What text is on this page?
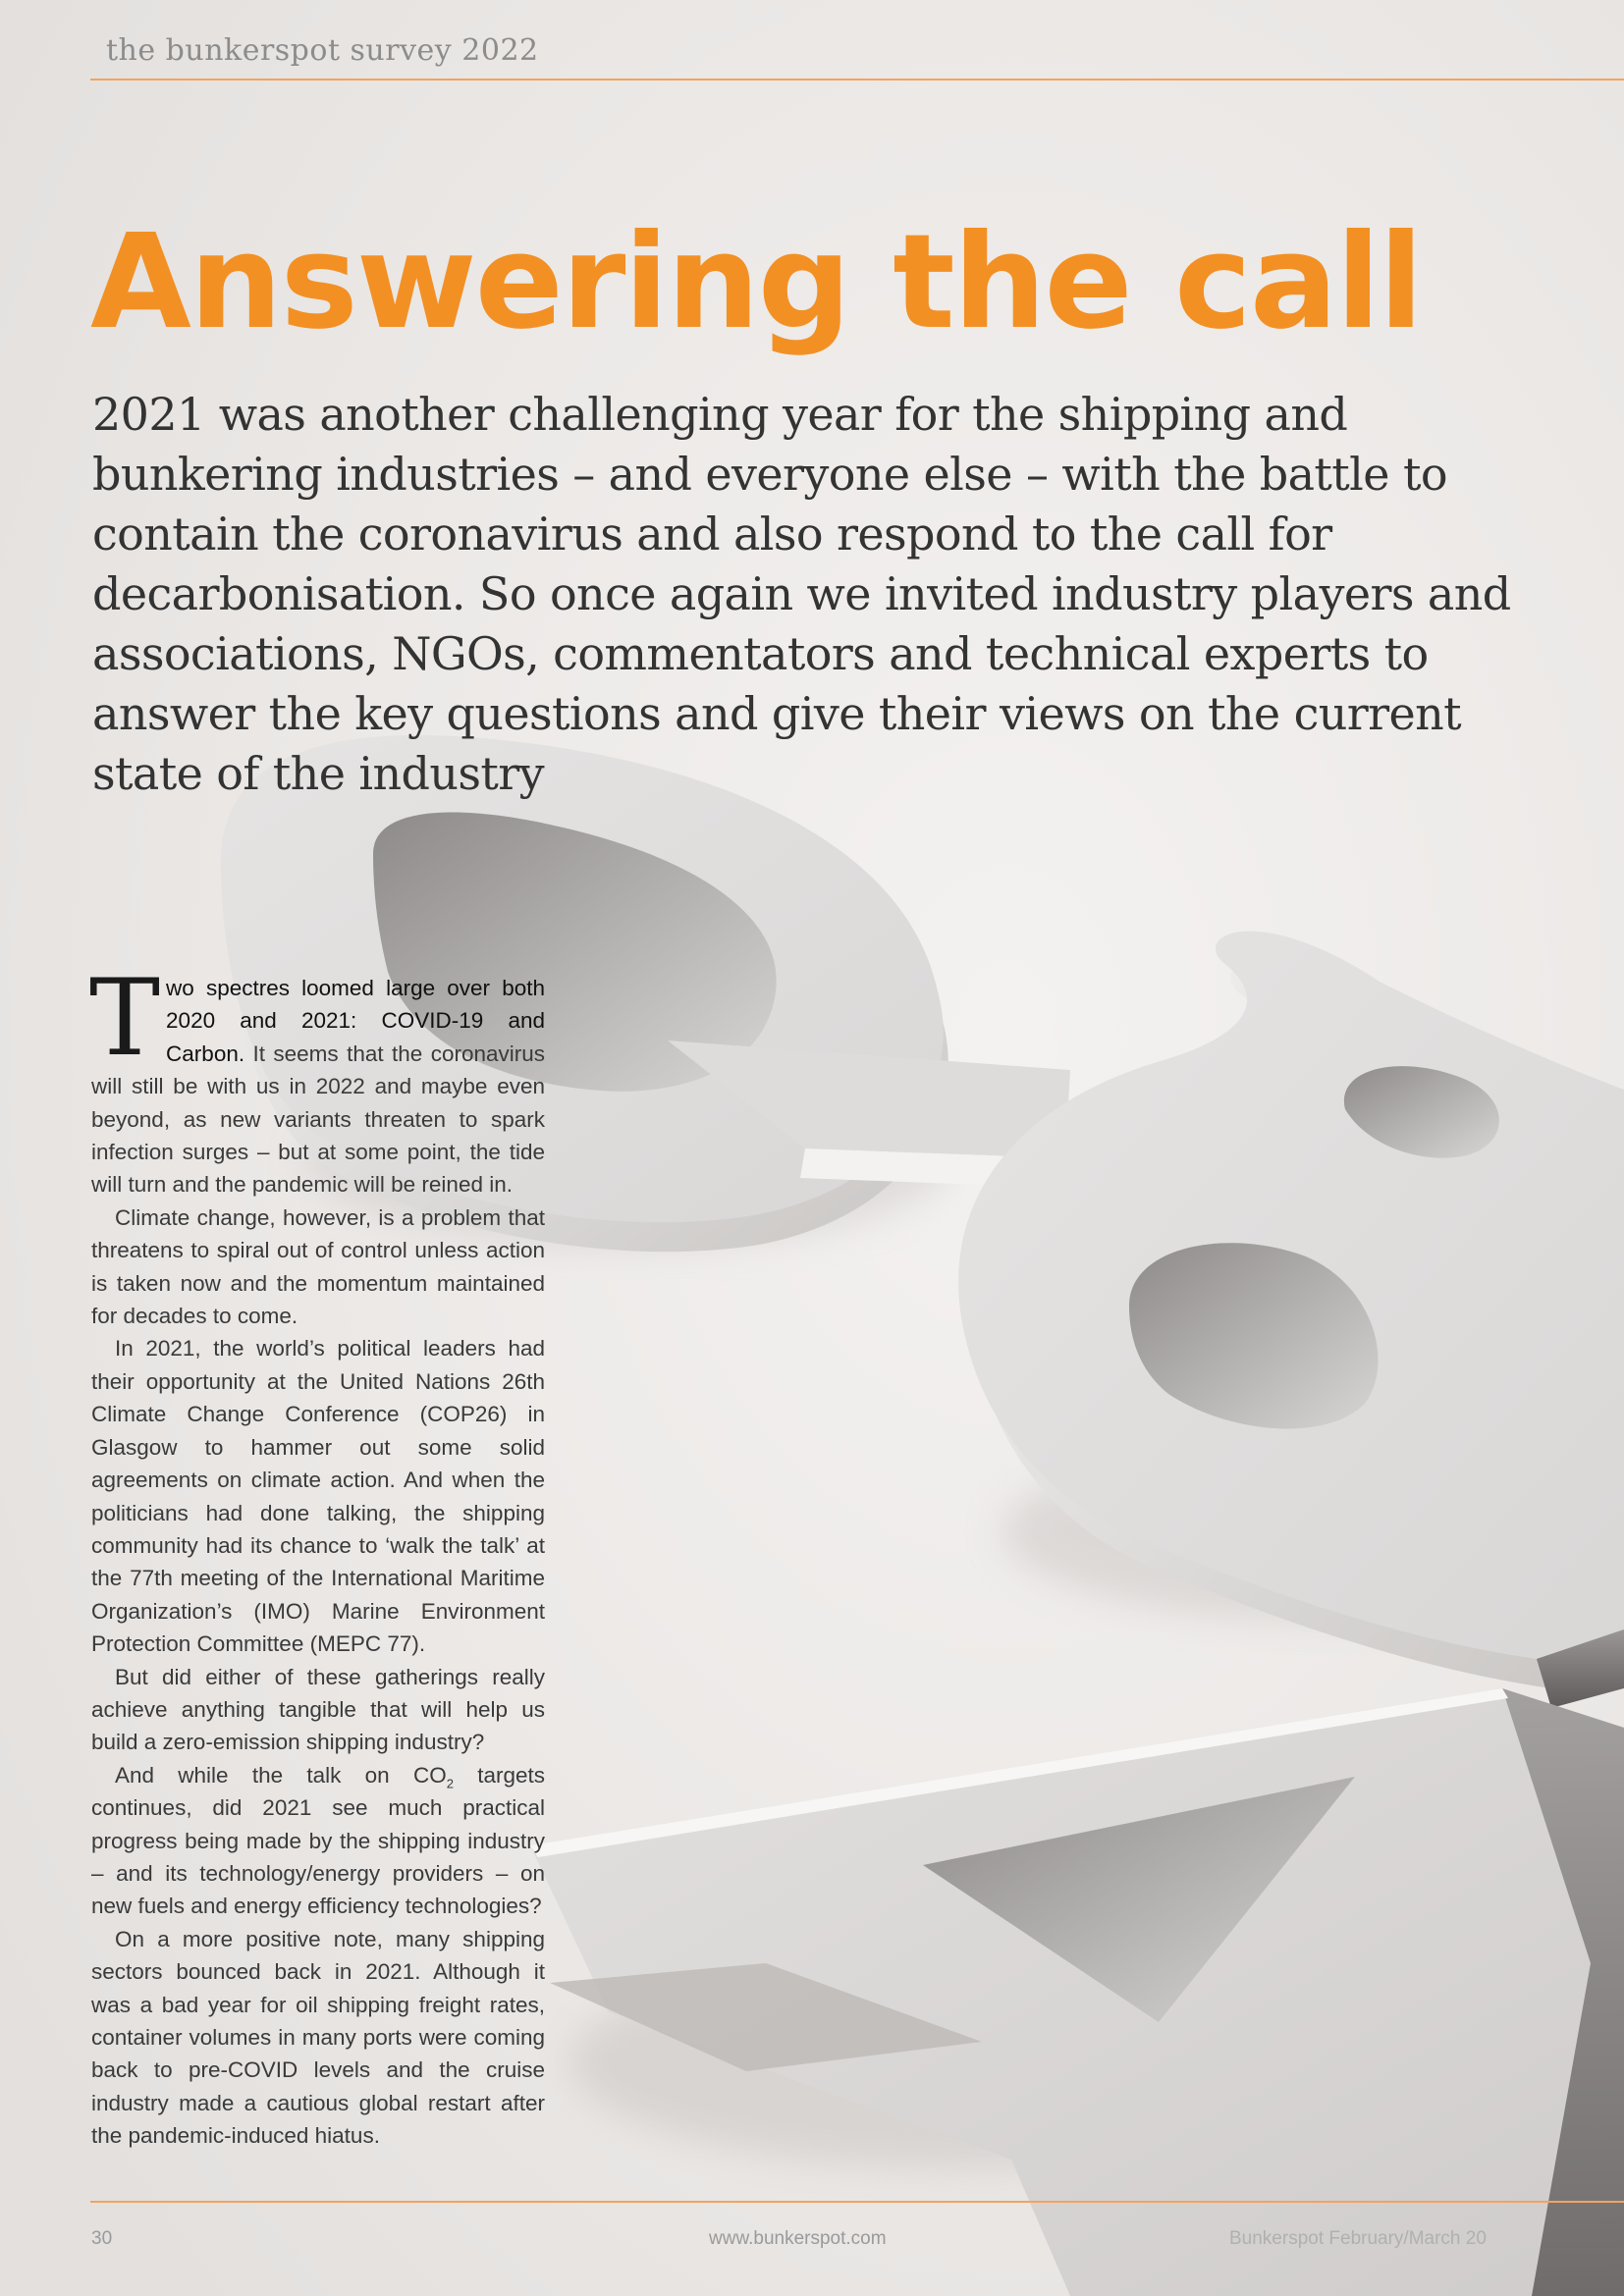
the bunkerspot survey 2022
Answering the call

2021 was another challenging year for the shipping and bunkering industries – and everyone else – with the battle to contain the coronavirus and also respond to the call for decarbonisation. So once again we invited industry players and associations, NGOs, commentators and technical experts to answer the key questions and give their views on the current state of the industry

Two spectres loomed large over both 2020 and 2021: COVID-19 and Carbon. It seems that the coronavirus will still be with us in 2022 and maybe even beyond, as new variants threaten to spark infection surges – but at some point, the tide will turn and the pandemic will be reined in.

Climate change, however, is a problem that threatens to spiral out of control unless action is taken now and the momentum maintained for decades to come.

In 2021, the world’s political leaders had their opportunity at the United Nations 26th Climate Change Conference (COP26) in Glasgow to hammer out some solid agreements on climate action. And when the politicians had done talking, the shipping community had its chance to ‘walk the talk’ at the 77th meeting of the International Maritime Organization’s (IMO) Marine Environment Protection Committee (MEPC 77).

But did either of these gatherings really achieve anything tangible that will help us build a zero-emission shipping industry?

And while the talk on $CO_2$ targets continues, did 2021 see much practical progress being made by the shipping industry – and its technology/energy providers – on new fuels and energy efficiency technologies?

On a more positive note, many shipping sectors bounced back in 2021. Although it was a bad year for oil shipping freight rates, container volumes in many ports were coming back to pre-COVID levels and the cruise industry made a cautious global restart after the pandemic-induced hiatus.

30	www.bunkerspot.com	Bunkerspot February/March 20
